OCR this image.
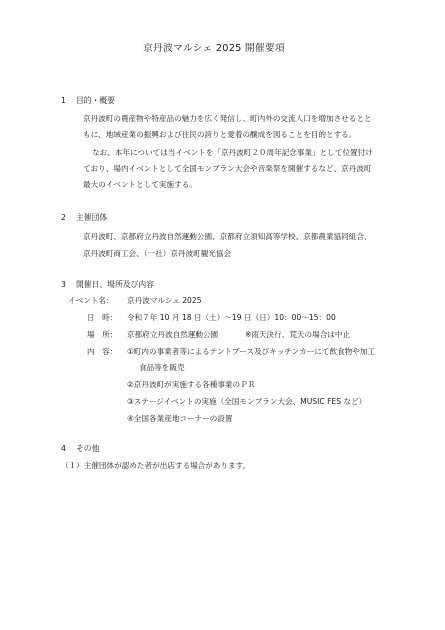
京丹波マルシェ 2025 開催要項
1 目的・概要
京丹波町の農産物や特産品の魅力を広く発信し、町内外の交流人口を増加させるとと
もに、地域産業の振興および住民の誇りと愛着の醸成を図ることを目的とする。
なお、本年については当イベントを「京丹波町２０周年記念事業」として位置付け
ており、場内イベントとして全国モンブラン大会や音楽祭を開催するなど、京丹波町
最大のイベントとして実施する。
2 主催団体
京丹波町、京都府立丹波自然運動公園、京都府立須知高等学校、京都農業協同組合、
京丹波町商工会、（一社）京丹波町観光協会
3 開催日、場所及び内容
イベント名： 京丹波マルシェ 2025
日　時： 令和７年 10 月 18 日（土）～19 日（日）10：00～15：00
場　所： 京都府立丹波自然運動公園	※雨天決行、荒天の場合は中止
内　容： ①町内の事業者等によるテントブース及びキッチンカーにて飲食物や加工
食品等を販売
②京丹波町が実施する各種事業のＰＲ
③ステージイベントの実施（全国モンブラン大会、MUSIC FES など）
④全国各業産地コーナーの設置
4 その他
（１）主催団体が認めた者が出店する場合があります。
